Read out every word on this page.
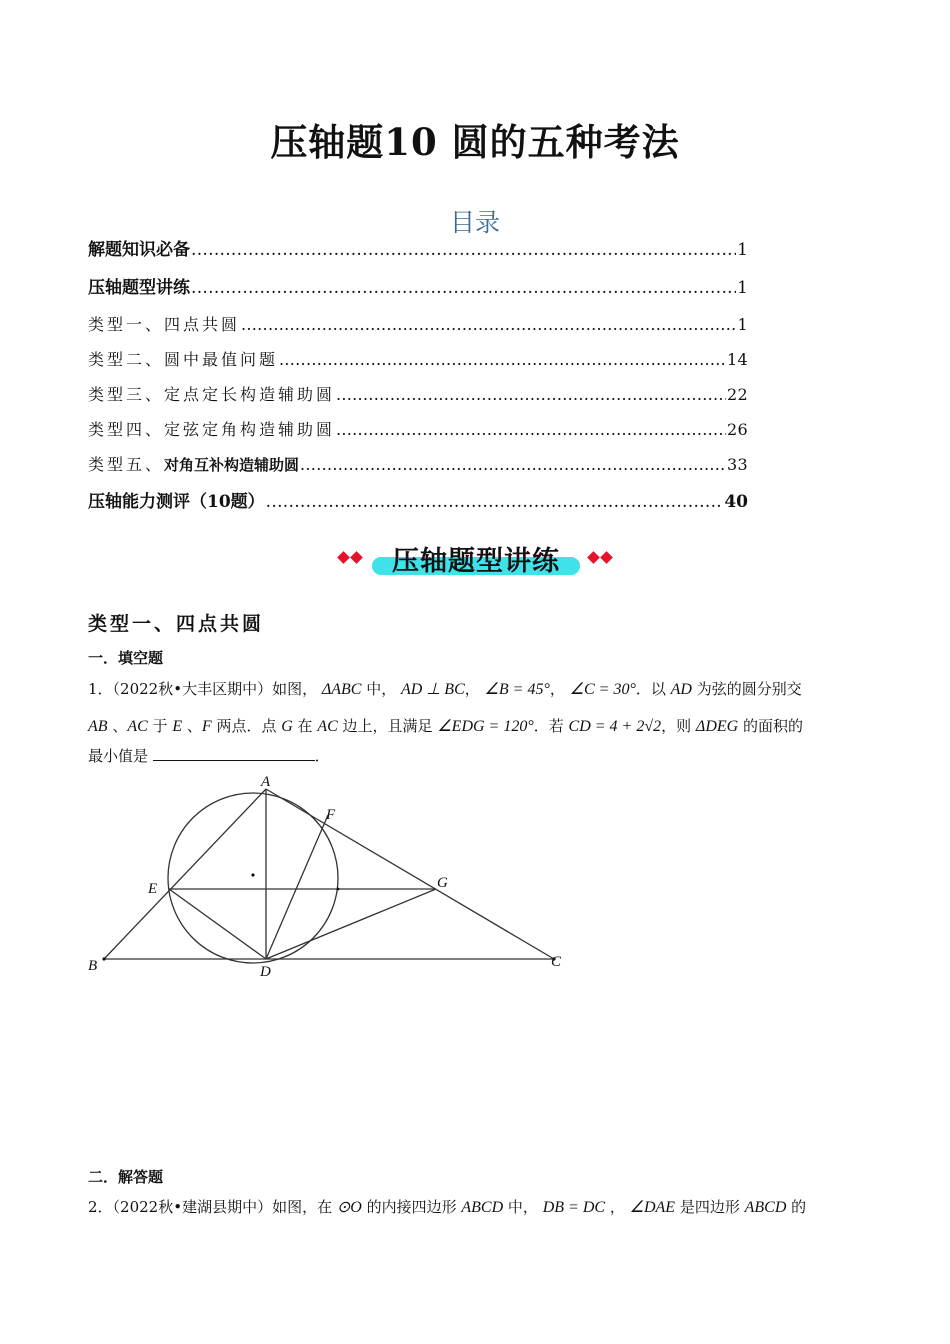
压轴题10 圆的五种考法
目录
解题知识必备 .....	1
压轴题型讲练 .....	1
类型一、四点共圆 .....	1
类型二、圆中最值问题 .....	14
类型三、定点定长构造辅助圆 .....	22
类型四、定弦定角构造辅助圆 .....	26
类型五、对角互补构造辅助圆 .....	33
压轴能力测评（10题） .....	40
压轴题型讲练
类型一、四点共圆
一．填空题
1．（2022秋•大丰区期中）如图， ΔABC 中， AD ⊥ BC， ∠B = 45°， ∠C = 30°．以 AD 为弦的圆分别交
AB 、AC 于 E 、F 两点．点 G 在 AC 边上，且满足 ∠EDG = 120°．若 CD = 4 + 2√2，则 ΔDEG 的面积的
最小值是	．
A
F
G
E
B	D
C
二．解答题
2．（2022秋•建湖县期中）如图，在 ⊙O 的内接四边形 ABCD 中， DB = DC ， ∠DAE 是四边形 ABCD 的
